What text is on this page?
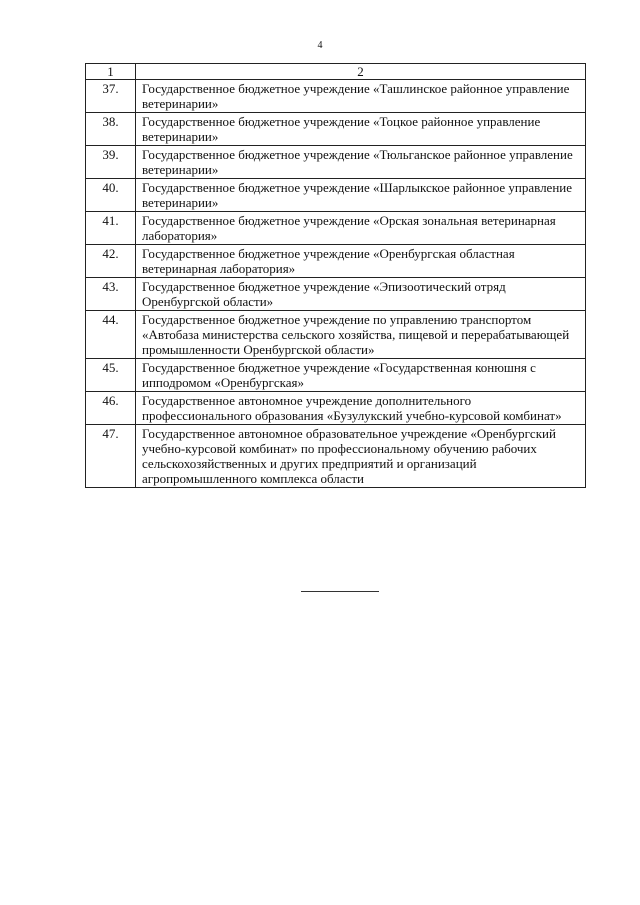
4
1	2
37.	Государственное бюджетное учреждение «Ташлинское районное управление ветеринарии»
38.	Государственное бюджетное учреждение «Тоцкое районное управление ветеринарии»
39.	Государственное бюджетное учреждение «Тюльганское районное управление ветеринарии»
40.	Государственное бюджетное учреждение «Шарлыкское районное управление ветеринарии»
41.	Государственное бюджетное учреждение «Орская зональная ветеринарная лаборатория»
42.	Государственное бюджетное учреждение «Оренбургская областная ветеринарная лаборатория»
43.	Государственное бюджетное учреждение «Эпизоотический отряд Оренбургской области»
44.	Государственное бюджетное учреждение по управлению транспортом «Автобаза министерства сельского хозяйства, пищевой и перерабатывающей промышленности Оренбургской области»
45.	Государственное бюджетное учреждение «Государственная конюшня с ипподромом «Оренбургская»
46.	Государственное автономное учреждение дополнительного профессионального образования «Бузулукский учебно-курсовой комбинат»
47.	Государственное автономное образовательное учреждение «Оренбургский учебно-курсовой комбинат» по профессиональному обучению рабочих сельскохозяйственных и других предприятий и организаций агропромышленного комплекса области
